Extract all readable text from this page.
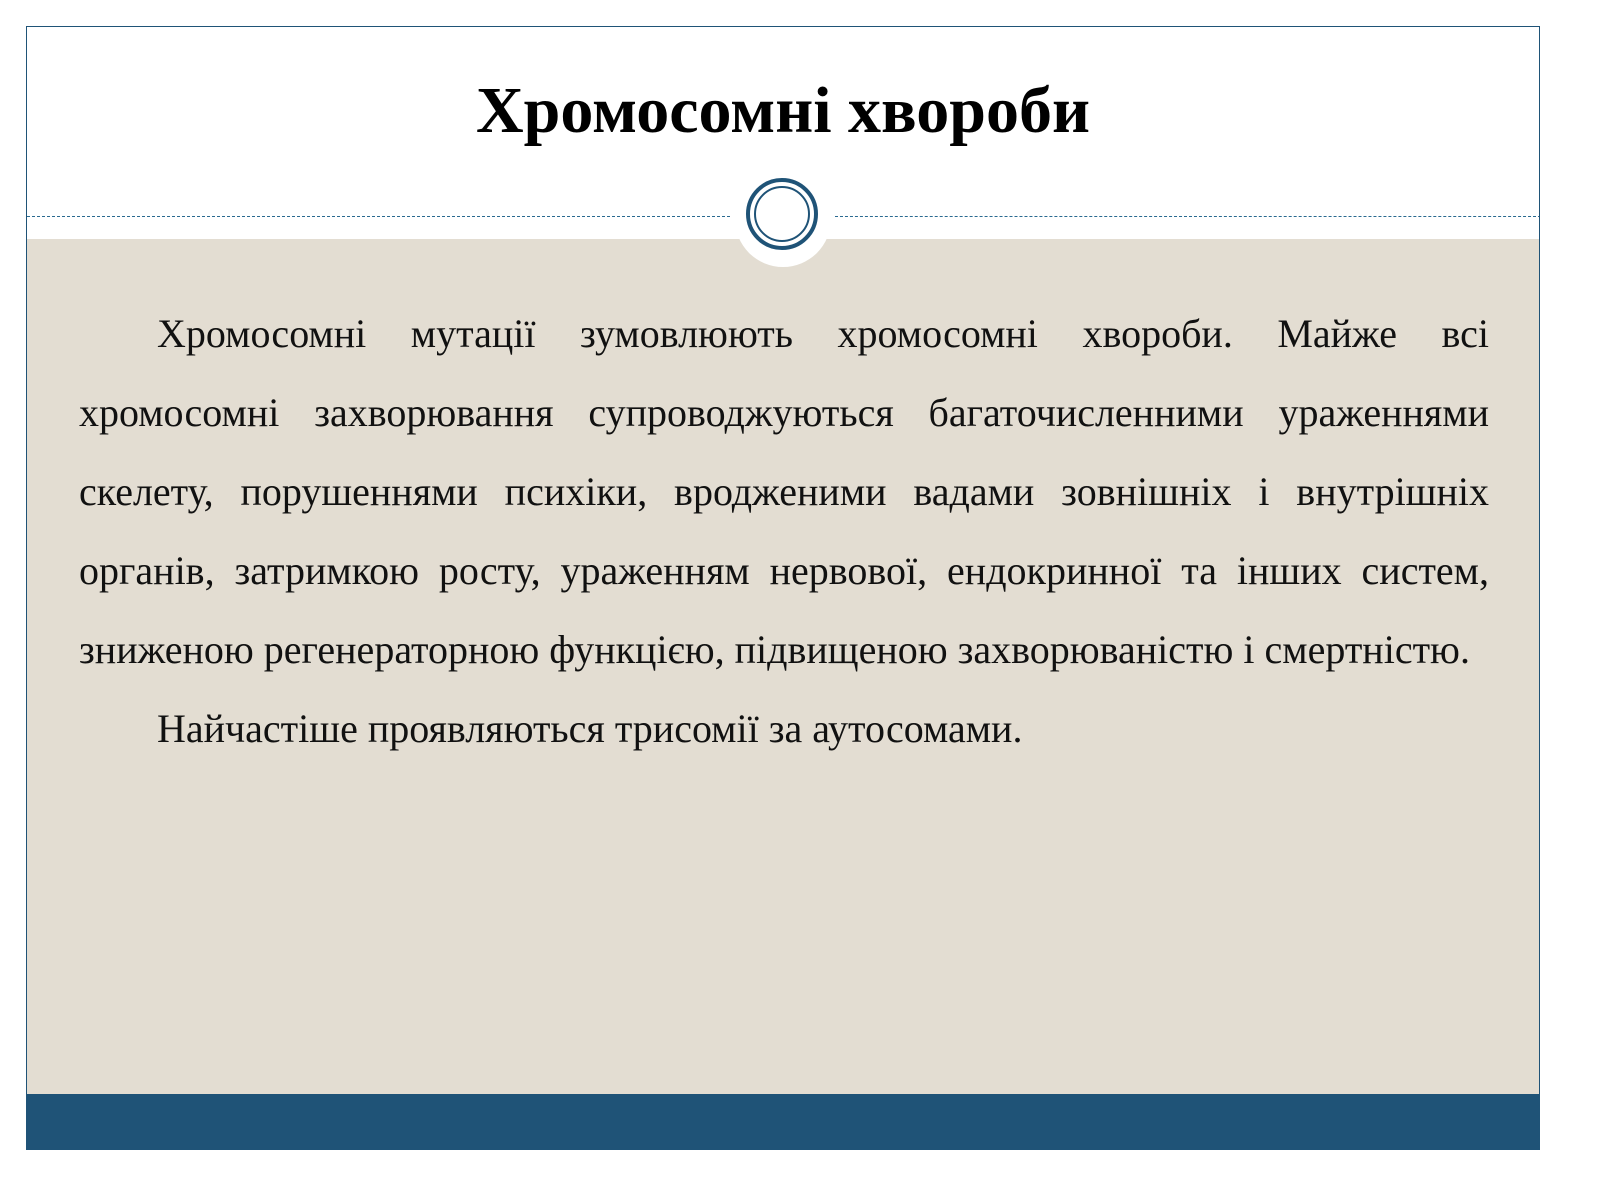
Хромосомні хвороби

Хромосомні мутації зумовлюють хромосомні хвороби. Майже всі хромосомні захворювання супроводжуються багаточисленними ураженнями скелету, порушеннями психіки, вродженими вадами зовнішніх і внутрішніх органів, затримкою росту, ураженням нервової, ендокринної та інших систем, зниженою регенераторною функцією, підвищеною захворюваністю і смертністю.

Найчастіше проявляються трисомії за аутосомами.
